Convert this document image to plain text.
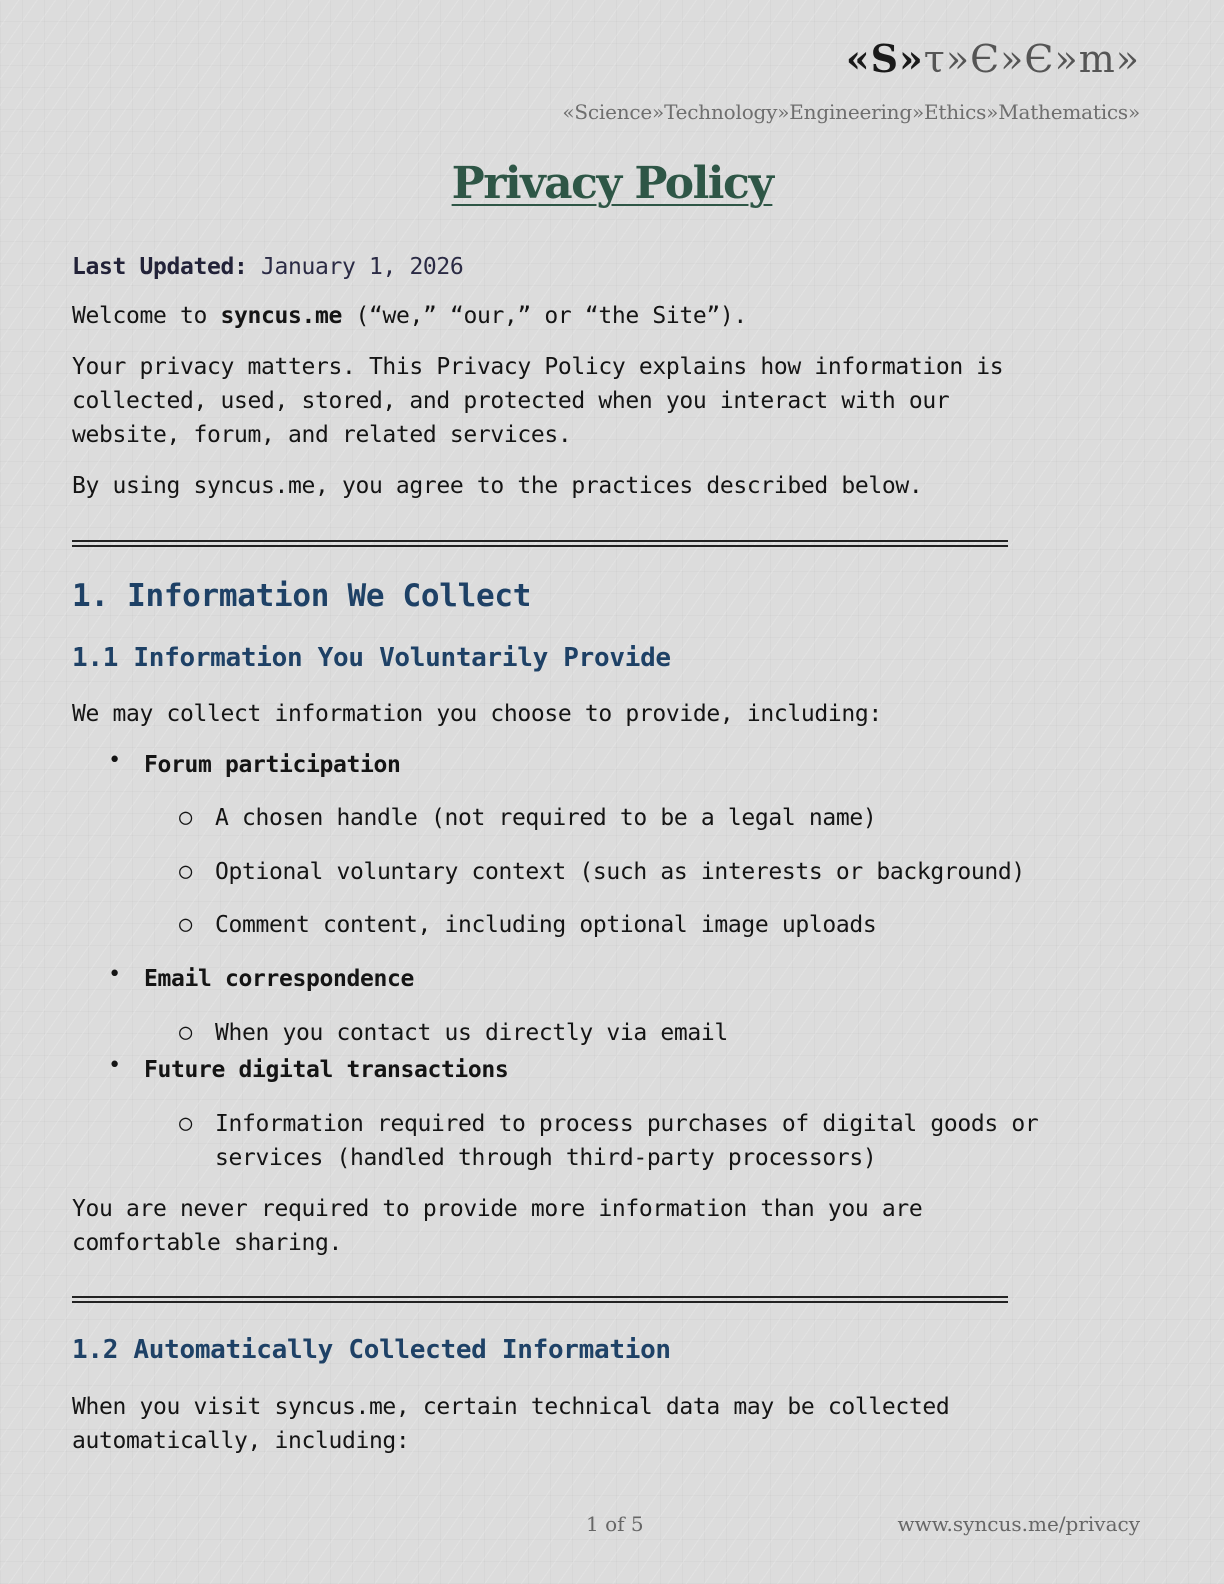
«S»τ»Є»Є»m»
«Science»Technology»Engineering»Ethics»Mathematics»
Privacy Policy

Last Updated: January 1, 2026

Welcome to syncus.me (“we,” “our,” or “the Site”).

Your privacy matters. This Privacy Policy explains how information is
collected, used, stored, and protected when you interact with our
website, forum, and related services.

By using syncus.me, you agree to the practices described below.

1. Information We Collect
1.1 Information You Voluntarily Provide

We may collect information you choose to provide, including:

• Forum participation
○ A chosen handle (not required to be a legal name)
○ Optional voluntary context (such as interests or background)
○ Comment content, including optional image uploads
• Email correspondence
○ When you contact us directly via email
• Future digital transactions
○ Information required to process purchases of digital goods or
services (handled through third-party processors)
You are never required to provide more information than you are
comfortable sharing.
1.2 Automatically Collected Information
When you visit syncus.me, certain technical data may be collected
automatically, including:
1 of 5	www.syncus.me/privacy
